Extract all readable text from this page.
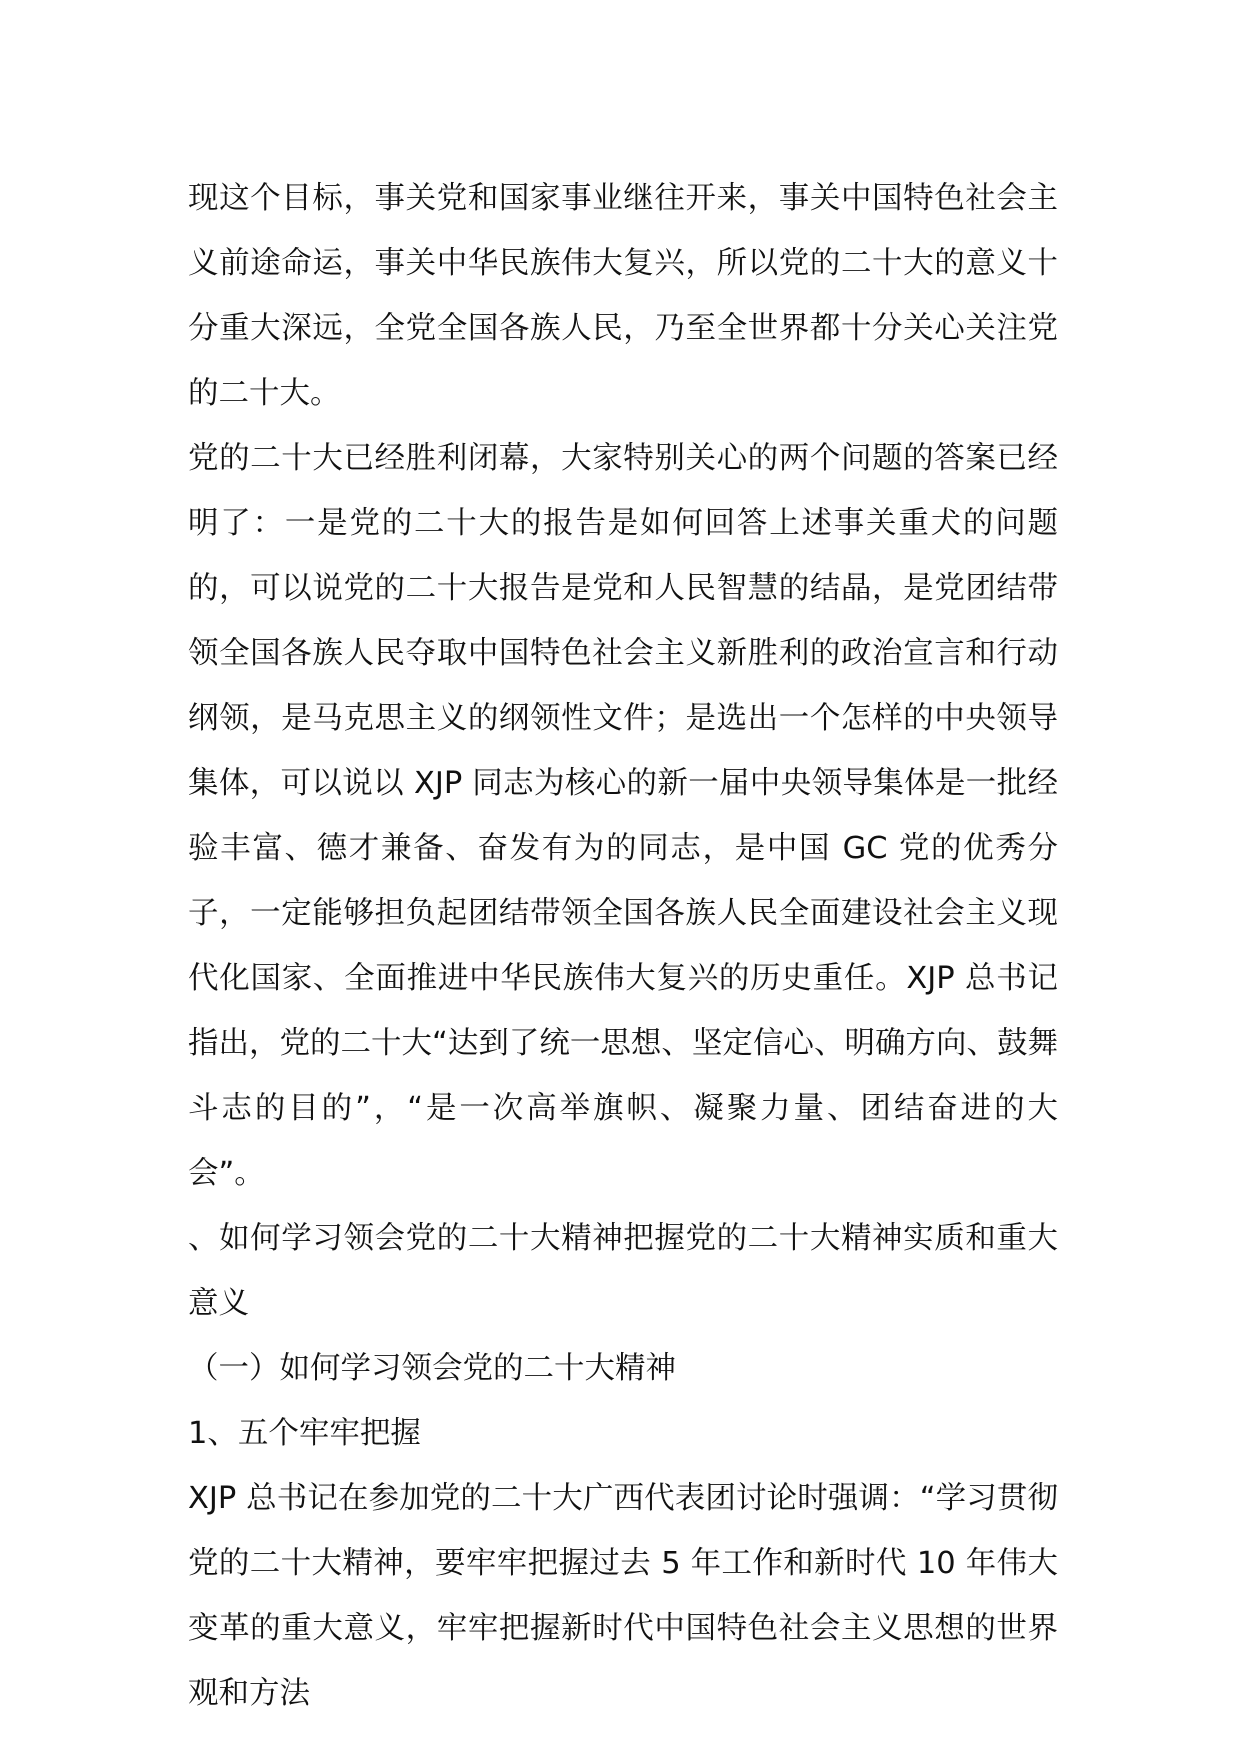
现这个目标，事关党和国家事业继往开来，事关中国特色社会主义前途命运，事关中华民族伟大复兴，所以党的二十大的意义十分重大深远，全党全国各族人民，乃至全世界都十分关心关注党的二十大。

党的二十大已经胜利闭幕，大家特别关心的两个问题的答案已经明了：一是党的二十大的报告是如何回答上述事关重犬的问题的，可以说党的二十大报告是党和人民智慧的结晶，是党团结带领全国各族人民夺取中国特色社会主义新胜利的政治宣言和行动纲领，是马克思主义的纲领性文件；是选出一个怎样的中央领导集体，可以说以 XJP 同志为核心的新一届中央领导集体是一批经验丰富、德才兼备、奋发有为的同志，是中国 GC 党的优秀分子，一定能够担负起团结带领全国各族人民全面建设社会主义现代化国家、全面推进中华民族伟大复兴的历史重任。XJP 总书记指出，党的二十大“达到了统一思想、坚定信心、明确方向、鼓舞斗志的目的”，“是一次高举旗帜、凝聚力量、团结奋进的大会”。

、如何学习领会党的二十大精神把握党的二十大精神实质和重大意义

（一）如何学习领会党的二十大精神

1、五个牢牢把握

XJP 总书记在参加党的二十大广西代表团讨论时强调：“学习贯彻党的二十大精神，要牢牢把握过去 5 年工作和新时代 10 年伟大变革的重大意义，牢牢把握新时代中国特色社会主义思想的世界观和方法
